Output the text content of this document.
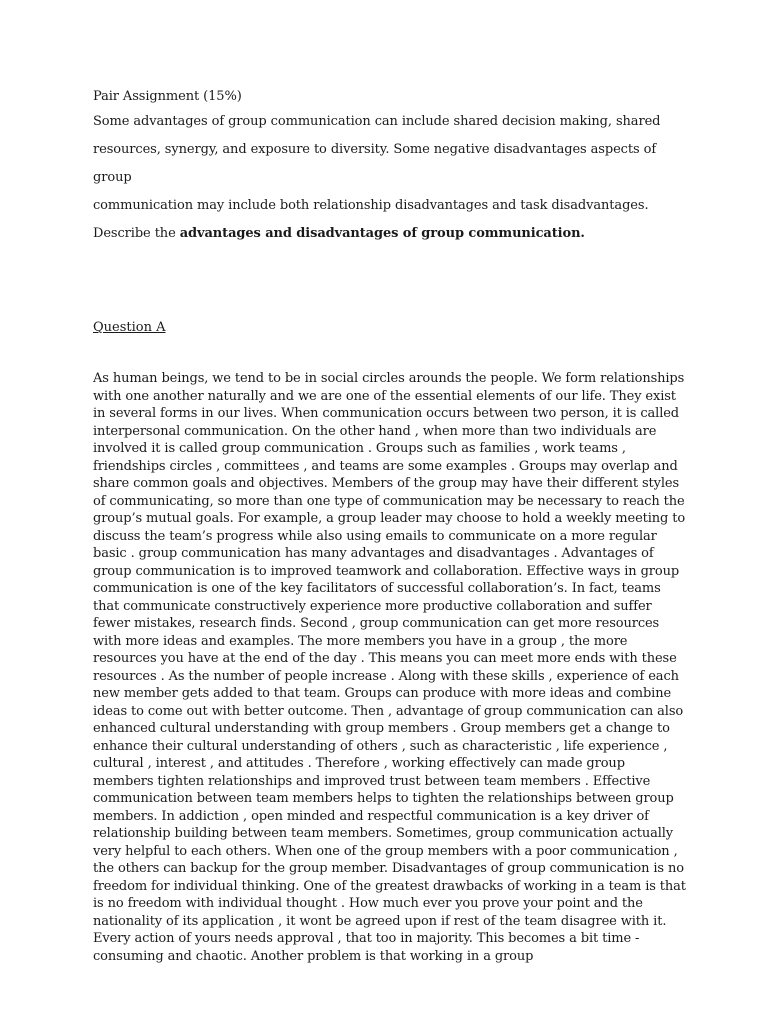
Pair Assignment (15%)

Some advantages of group communication can include shared decision making, shared

resources, synergy, and exposure to diversity. Some negative disadvantages aspects of group

communication may include both relationship disadvantages and task disadvantages.

Describe the advantages and disadvantages of group communication.

Question A
As human beings, we tend to be in social circles arounds the people. We form relationships with one another naturally and we are one of the essential elements of our life. They exist in several forms in our lives. When communication occurs between two person, it is called interpersonal communication. On the other hand , when more than two individuals are involved it is called group communication . Groups such as families , work teams , friendships circles , committees , and teams are some examples . Groups may overlap and share common goals and objectives. Members of the group may have their different styles of communicating, so more than one type of communication may be necessary to reach the group’s mutual goals. For example, a group leader may choose to hold a weekly meeting to discuss the team’s progress while also using emails to communicate on a more regular basic . group communication has many advantages and disadvantages . Advantages of group communication is to improved teamwork and collaboration. Effective ways in group communication is one of the key facilitators of successful collaboration’s. In fact, teams that communicate constructively experience more productive collaboration and suffer fewer mistakes, research finds. Second , group communication can get more resources with more ideas and examples. The more members you have in a group , the more resources you have at the end of the day . This means you can meet more ends with these resources . As the number of people increase . Along with these skills , experience of each new member gets added to that team. Groups can produce with more ideas and combine ideas to come out with better outcome. Then , advantage of group communication can also enhanced cultural understanding with group members . Group members get a change to enhance their cultural understanding of others , such as characteristic , life experience , cultural , interest , and attitudes . Therefore , working effectively can made group members tighten relationships and improved trust between team members . Effective communication between team members helps to tighten the relationships between group members. In addiction , open minded and respectful communication is a key driver of relationship building between team members. Sometimes, group communication actually very helpful to each others. When one of the group members with a poor communication , the others can backup for the group member. Disadvantages of group communication is no freedom for individual thinking. One of the greatest drawbacks of working in a team is that is no freedom with individual thought . How much ever you prove your point and the nationality of its application , it wont be agreed upon if rest of the team disagree with it. Every action of yours needs approval , that too in majority. This becomes a bit time - consuming and chaotic. Another problem is that working in a group
